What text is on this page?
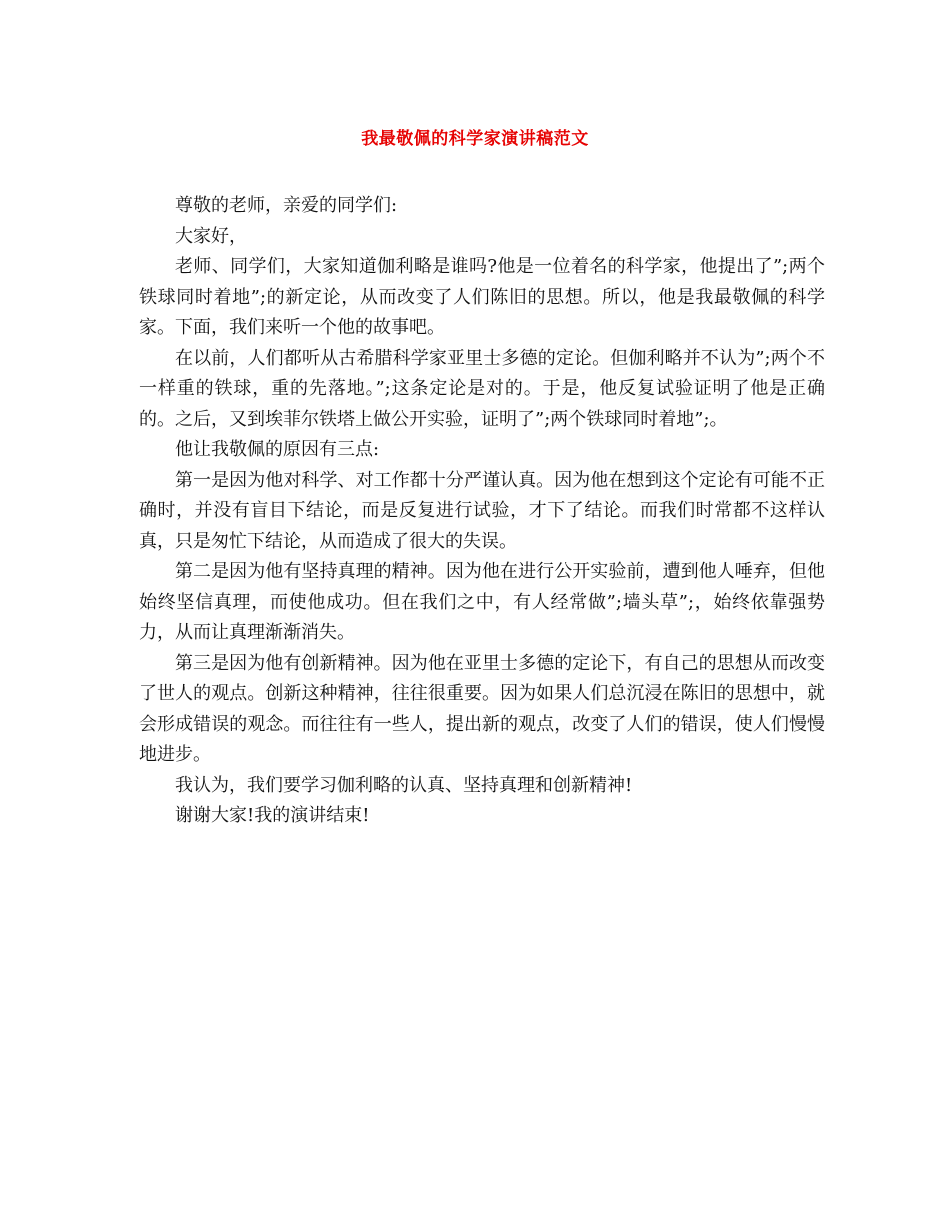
我最敬佩的科学家演讲稿范文

尊敬的老师，亲爱的同学们:

大家好，

老师、同学们，大家知道伽利略是谁吗?他是一位着名的科学家，他提出了”;两个铁球同时着地”;的新定论，从而改变了人们陈旧的思想。所以，他是我最敬佩的科学家。下面，我们来听一个他的故事吧。

在以前，人们都听从古希腊科学家亚里士多德的定论。但伽利略并不认为”;两个不一样重的铁球，重的先落地。”;这条定论是对的。于是，他反复试验证明了他是正确的。之后，又到埃菲尔铁塔上做公开实验，证明了”;两个铁球同时着地”;。

他让我敬佩的原因有三点:

第一是因为他对科学、对工作都十分严谨认真。因为他在想到这个定论有可能不正确时，并没有盲目下结论，而是反复进行试验，才下了结论。而我们时常都不这样认真，只是匆忙下结论，从而造成了很大的失误。

第二是因为他有坚持真理的精神。因为他在进行公开实验前，遭到他人唾弃，但他始终坚信真理，而使他成功。但在我们之中，有人经常做”;墙头草”;，始终依靠强势力，从而让真理渐渐消失。

第三是因为他有创新精神。因为他在亚里士多德的定论下，有自己的思想从而改变了世人的观点。创新这种精神，往往很重要。因为如果人们总沉浸在陈旧的思想中，就会形成错误的观念。而往往有一些人，提出新的观点，改变了人们的错误，使人们慢慢地进步。

我认为，我们要学习伽利略的认真、坚持真理和创新精神!

谢谢大家!我的演讲结束!
